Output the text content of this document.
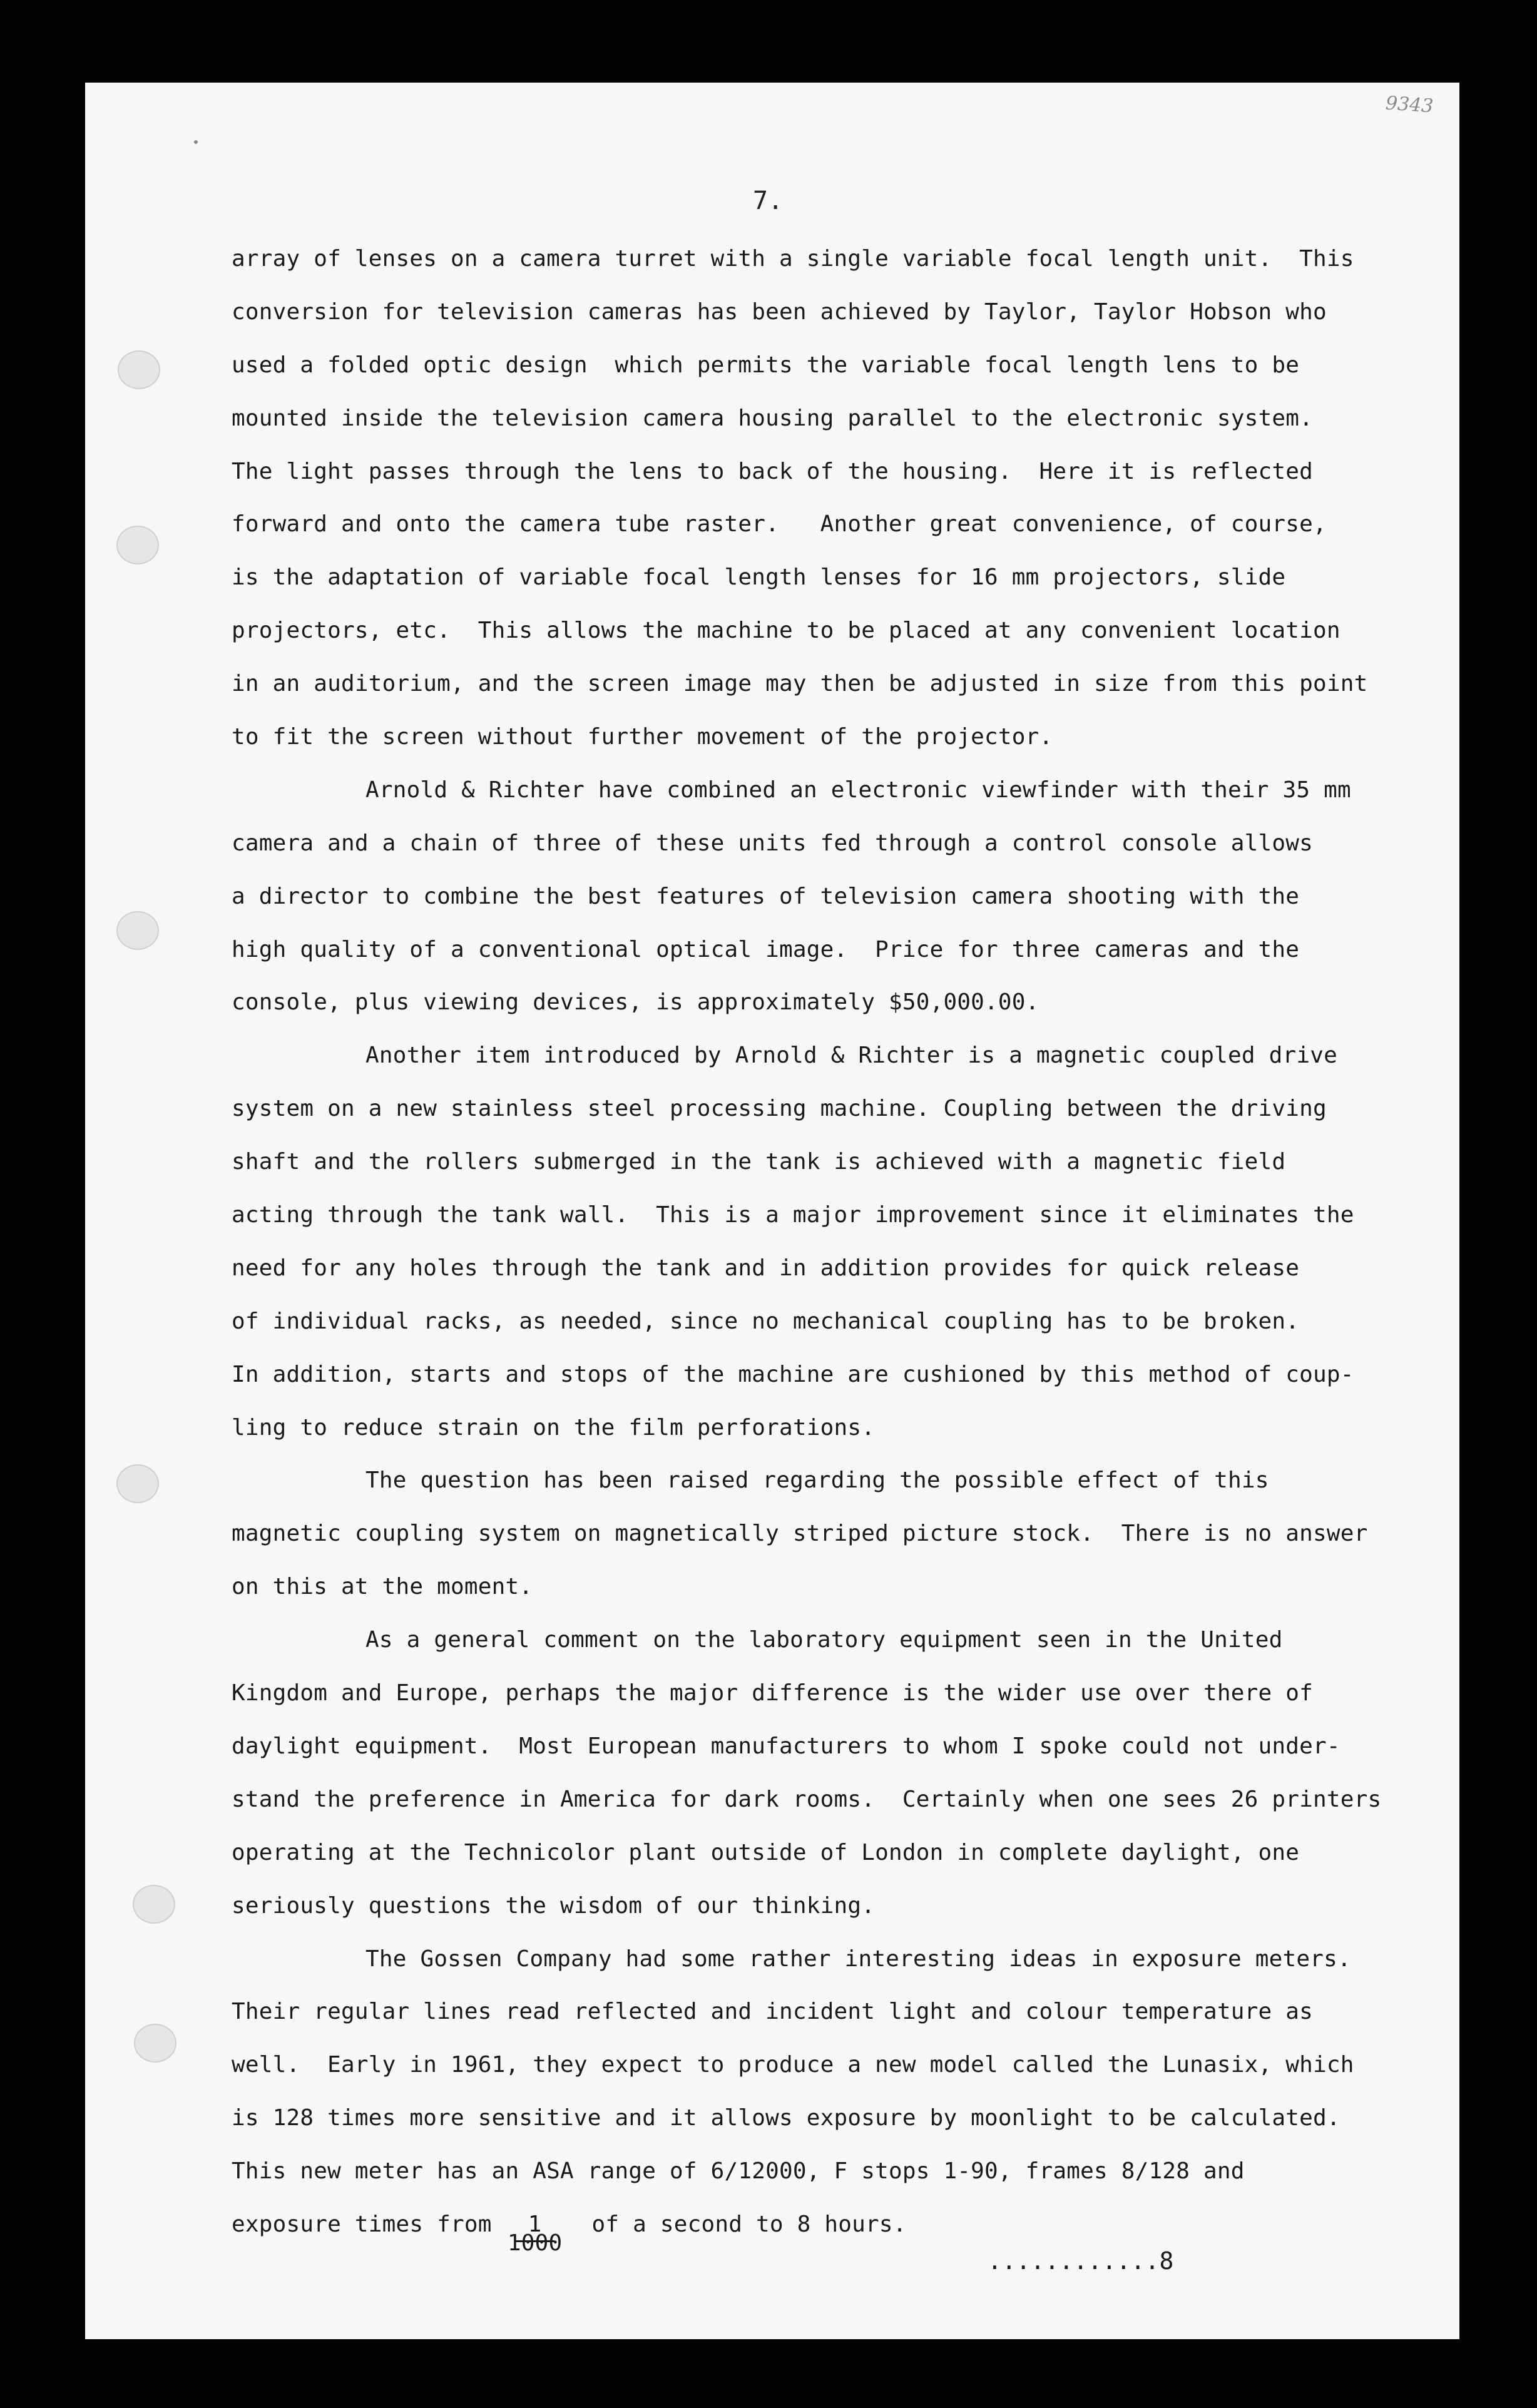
9343
7.
array of lenses on a camera turret with a single variable focal length unit.  This
conversion for television cameras has been achieved by Taylor, Taylor Hobson who
used a folded optic design  which permits the variable focal length lens to be
mounted inside the television camera housing parallel to the electronic system.
The light passes through the lens to back of the housing.  Here it is reflected
forward and onto the camera tube raster.   Another great convenience, of course,
is the adaptation of variable focal length lenses for 16 mm projectors, slide
projectors, etc.  This allows the machine to be placed at any convenient location
in an auditorium, and the screen image may then be adjusted in size from this point
to fit the screen without further movement of the projector.
Arnold & Richter have combined an electronic viewfinder with their 35 mm
camera and a chain of three of these units fed through a control console allows
a director to combine the best features of television camera shooting with the
high quality of a conventional optical image.  Price for three cameras and the
console, plus viewing devices, is approximately $50,000.00.
Another item introduced by Arnold & Richter is a magnetic coupled drive
system on a new stainless steel processing machine. Coupling between the driving
shaft and the rollers submerged in the tank is achieved with a magnetic field
acting through the tank wall.  This is a major improvement since it eliminates the
need for any holes through the tank and in addition provides for quick release
of individual racks, as needed, since no mechanical coupling has to be broken.
In addition, starts and stops of the machine are cushioned by this method of coup-
ling to reduce strain on the film perforations.
The question has been raised regarding the possible effect of this
magnetic coupling system on magnetically striped picture stock.  There is no answer
on this at the moment.
As a general comment on the laboratory equipment seen in the United
Kingdom and Europe, perhaps the major difference is the wider use over there of
daylight equipment.  Most European manufacturers to whom I spoke could not under-
stand the preference in America for dark rooms.  Certainly when one sees 26 printers
operating at the Technicolor plant outside of London in complete daylight, one
seriously questions the wisdom of our thinking.
The Gossen Company had some rather interesting ideas in exposure meters.
Their regular lines read reflected and incident light and colour temperature as
well.  Early in 1961, they expect to produce a new model called the Lunasix, which
is 128 times more sensitive and it allows exposure by moonlight to be calculated.
This new meter has an ASA range of 6/12000, F stops 1-90, frames 8/128 and
exposure times from 1
1000
of a second to 8 hours.
............8
